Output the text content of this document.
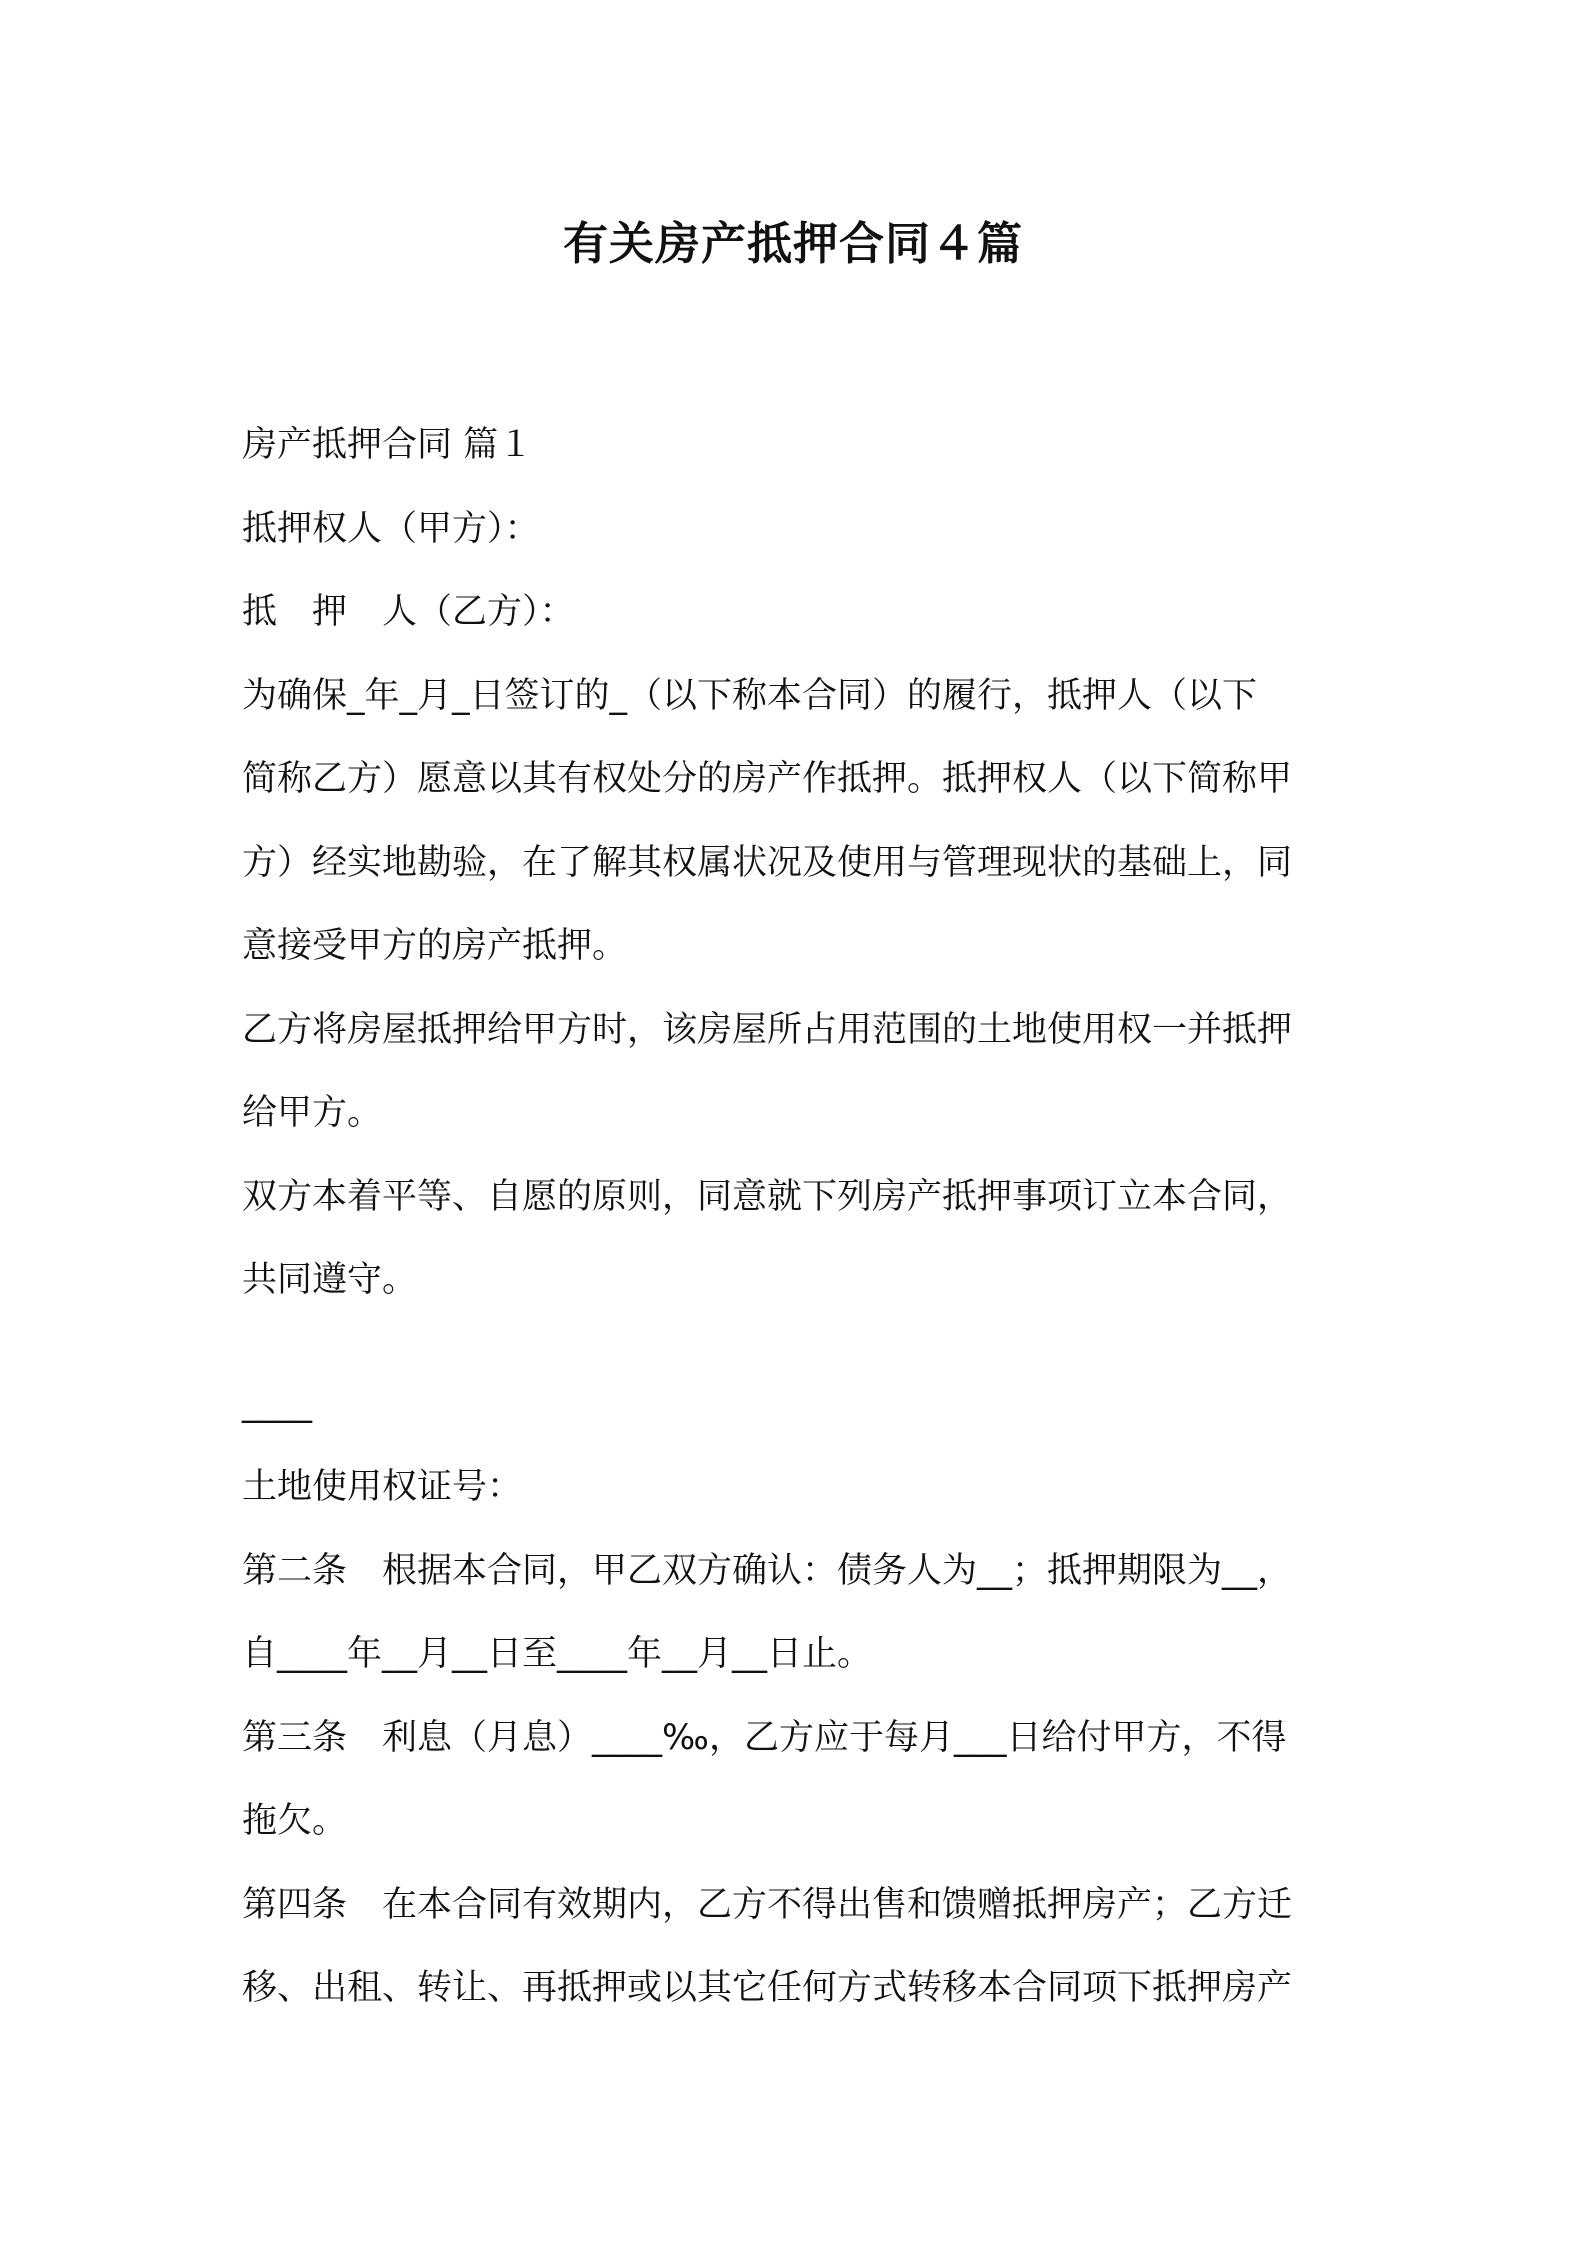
有关房产抵押合同４篇

房产抵押合同 篇１

抵押权人（甲方）：

抵　押　人（乙方）：

为确保_年_月_日签订的_（以下称本合同）的履行，抵押人（以下

简称乙方）愿意以其有权处分的房产作抵押。抵押权人（以下简称甲

方）经实地勘验，在了解其权属状况及使用与管理现状的基础上，同

意接受甲方的房产抵押。

乙方将房屋抵押给甲方时，该房屋所占用范围的土地使用权一并抵押

给甲方。

双方本着平等、自愿的原则，同意就下列房产抵押事项订立本合同，

共同遵守。

____

土地使用权证号：

第二条　根据本合同，甲乙双方确认：债务人为__；抵押期限为__，

自____年__月__日至____年__月__日止。

第三条　利息（月息）____‰，乙方应于每月___日给付甲方，不得

拖欠。

第四条　在本合同有效期内，乙方不得出售和馈赠抵押房产；乙方迁

移、出租、转让、再抵押或以其它任何方式转移本合同项下抵押房产
